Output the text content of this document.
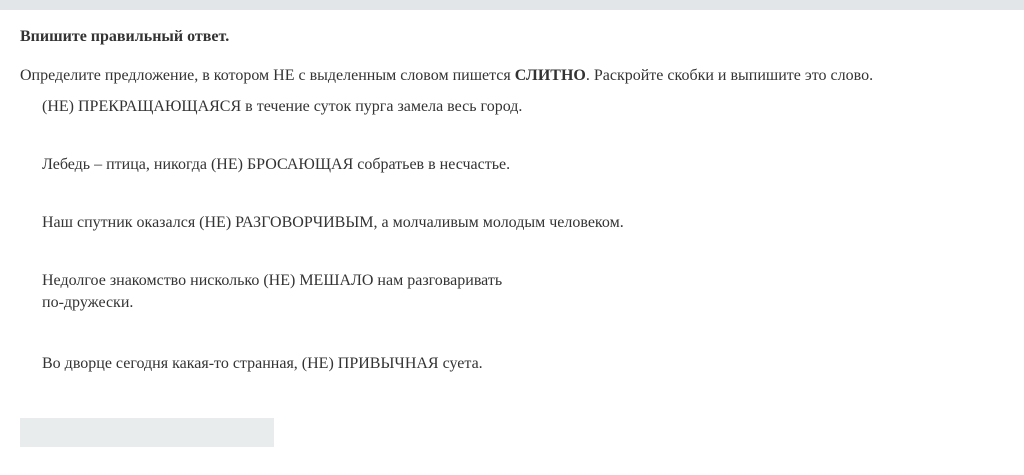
Впишите правильный ответ.
Определите предложение, в котором НЕ с выделенным словом пишется СЛИТНО. Раскройте скобки и выпишите это слово.
(НЕ) ПРЕКРАЩАЮЩАЯСЯ в течение суток пурга замела весь город.
Лебедь – птица, никогда (НЕ) БРОСАЮЩАЯ собратьев в несчастье.
Наш спутник оказался (НЕ) РАЗГОВОРЧИВЫМ, а молчаливым молодым человеком.
Недолгое знакомство нисколько (НЕ) МЕШАЛО нам разговаривать
по-дружески.
Во дворце сегодня какая-то странная, (НЕ) ПРИВЫЧНАЯ суета.
